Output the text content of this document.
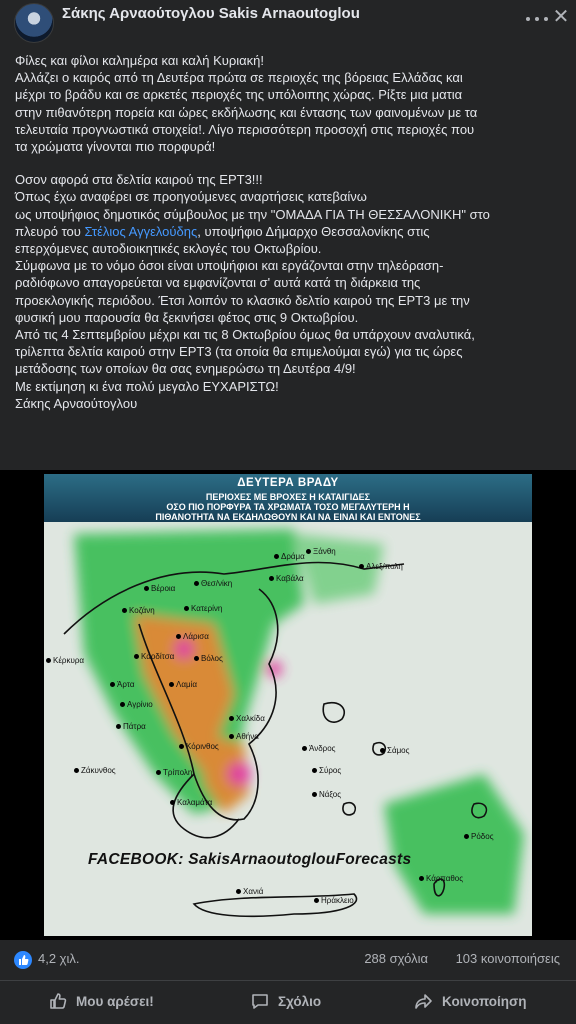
Σάκης Αρναούτογλου Sakis Arnaoutoglou	✕

Φίλες και φίλοι καλημέρα και καλή Κυριακή!
Αλλάζει ο καιρός από τη Δευτέρα πρώτα σε περιοχές της βόρειας Ελλάδας και
μέχρι το βράδυ και σε αρκετές περιοχές της υπόλοιπης χώρας. Ρίξτε μια ματια
στην πιθανότερη πορεία και ώρες εκδήλωσης και έντασης των φαινομένων με τα
τελευταία προγνωστικά στοιχεία!. Λίγο περισσότερη προσοχή στις περιοχές που
τα χρώματα γίνονται πιο πορφυρά!

Οσον αφορά στα δελτία καιρού της ΕΡΤ3!!!
Όπως έχω αναφέρει σε προηγούμενες αναρτήσεις κατεβαίνω
ως υποψήφιος δημοτικός σύμβουλος με την "ΟΜΑΔΑ ΓΙΑ ΤΗ ΘΕΣΣΑΛΟΝΙΚΗ" στο
πλευρό του Στέλιος Αγγελούδης, υποψήφιο Δήμαρχο Θεσσαλονίκης στις
επερχόμενες αυτοδιοικητικές εκλογές του Οκτωβρίου.
Σύμφωνα με το νόμο όσοι είναι υποψήφιοι και εργάζονται στην τηλεόραση-
ραδιόφωνο απαγορεύεται να εμφανίζονται σ' αυτά κατά τη διάρκεια της
προεκλογικής περιόδου. Έτσι λοιπόν το κλασικό δελτίο καιρού της ΕΡΤ3 με την
φυσική μου παρουσία θα ξεκινήσει φέτος στις 9 Οκτωβρίου.
Από τις 4 Σεπτεμβρίου μέχρι και τις 8 Οκτωβρίου όμως θα υπάρχουν αναλυτικά,
τρίλεπτα δελτία καιρού στην ΕΡΤ3 (τα οποία θα επιμελούμαι εγώ) για τις ώρες
μετάδοσης των οποίων θα σας ενημερώσω τη Δευτέρα 4/9!
Με εκτίμηση κι ένα πολύ μεγαλο ΕΥΧΑΡΙΣΤΩ!
Σάκης Αρναούτογλου

ΔΕΥΤΕΡΑ ΒΡΑΔΥ
ΠΕΡΙΟΧΕΣ ΜΕ ΒΡΟΧΕΣ Η ΚΑΤΑΙΓΙΔΕΣ
ΟΣΟ ΠΙΟ ΠΟΡΦΥΡΑ ΤΑ ΧΡΩΜΑΤΑ ΤΟΣΟ ΜΕΓΑΛΥΤΕΡΗ Η
ΠΙΘΑΝΟΤΗΤΑ ΝΑ ΕΚΔΗΛΩΘΟΥΝ ΚΑΙ ΝΑ ΕΙΝΑΙ ΚΑΙ ΕΝΤΟΝΕΣ
Δράμα
Ξάνθη
Αλεξ/πολη
Βέροια
Θεσ/νίκη
Καβάλα
Κοζάνη	Κατερίνη
Κέρκυρα	Καρδίτσα
Λάρισα
Βόλος
Λαμία
Άρτα
Αγρίνιο
Πάτρα
Χαλκίδα
Αθήνα
Κόρινθος
Ζάκυνθος	Τρίπολη
Καλαμάτα
Σύρος
Νάξος
Σάμος
Άνδρος
Ρόδος
Χανιά
Ηράκλειο
Κάρπαθος
FACEBOOK: SakisArnaoutoglouForecasts
4,2 χιλ.	288 σχόλια 103 κοινοποιήσεις
Μου αρέσει!	Σχόλιο	Κοινοποίηση
